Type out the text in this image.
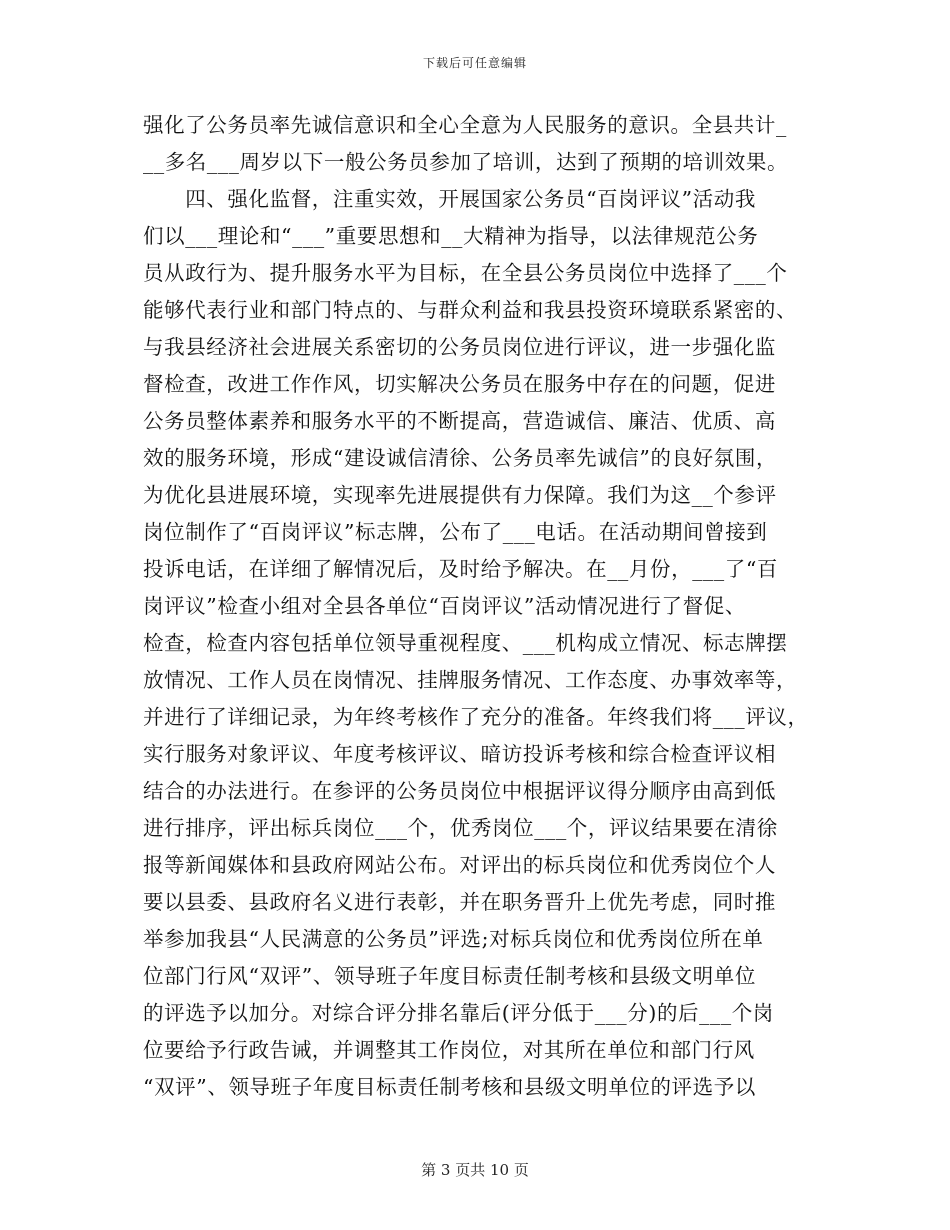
下载后可任意编辑
强化了公务员率先诚信意识和全心全意为人民服务的意识。全县共计_
__多名___周岁以下一般公务员参加了培训，达到了预期的培训效果。
　　四、强化监督，注重实效，开展国家公务员“百岗评议”活动我
们以___理论和“___”重要思想和__大精神为指导，以法律规范公务
员从政行为、提升服务水平为目标，在全县公务员岗位中选择了___个
能够代表行业和部门特点的、与群众利益和我县投资环境联系紧密的、
与我县经济社会进展关系密切的公务员岗位进行评议，进一步强化监
督检查，改进工作作风，切实解决公务员在服务中存在的问题，促进
公务员整体素养和服务水平的不断提高，营造诚信、廉洁、优质、高
效的服务环境，形成“建设诚信清徐、公务员率先诚信”的良好氛围，
为优化县进展环境，实现率先进展提供有力保障。我们为这__个参评
岗位制作了“百岗评议”标志牌，公布了___电话。在活动期间曾接到
投诉电话，在详细了解情况后，及时给予解决。在__月份，___了“百
岗评议”检查小组对全县各单位“百岗评议”活动情况进行了督促、
检查，检查内容包括单位领导重视程度、___机构成立情况、标志牌摆
放情况、工作人员在岗情况、挂牌服务情况、工作态度、办事效率等，
并进行了详细记录，为年终考核作了充分的准备。年终我们将___评议，
实行服务对象评议、年度考核评议、暗访投诉考核和综合检查评议相
结合的办法进行。在参评的公务员岗位中根据评议得分顺序由高到低
进行排序，评出标兵岗位___个，优秀岗位___个，评议结果要在清徐
报等新闻媒体和县政府网站公布。对评出的标兵岗位和优秀岗位个人
要以县委、县政府名义进行表彰，并在职务晋升上优先考虑，同时推
举参加我县“人民满意的公务员”评选;对标兵岗位和优秀岗位所在单
位部门行风“双评”、领导班子年度目标责任制考核和县级文明单位
的评选予以加分。对综合评分排名靠后(评分低于___分)的后___个岗
位要给予行政告诫，并调整其工作岗位，对其所在单位和部门行风
“双评”、领导班子年度目标责任制考核和县级文明单位的评选予以
第 3 页共 10 页
